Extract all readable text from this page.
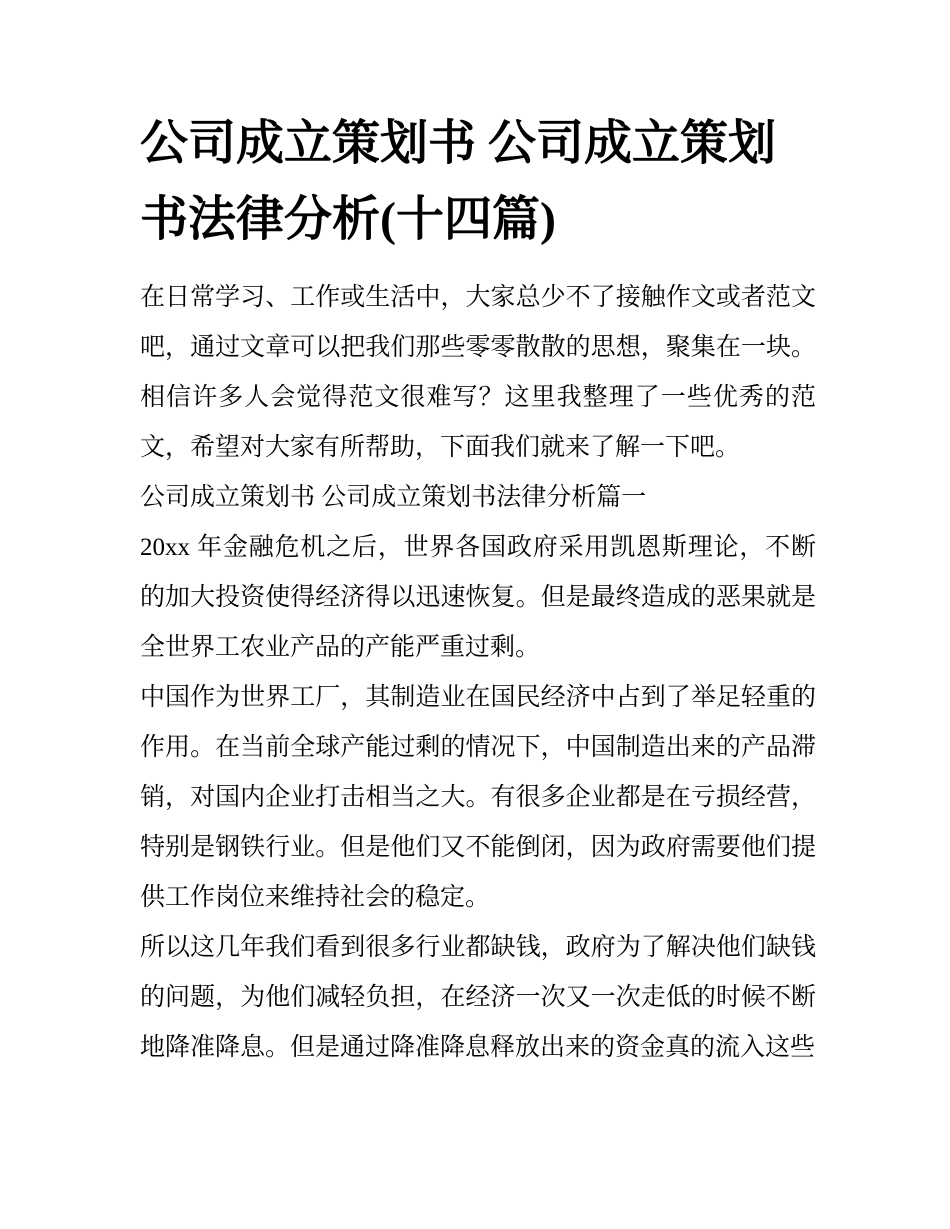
公司成立策划书 公司成立策划书法律分析(十四篇)

在日常学习、工作或生活中，大家总少不了接触作文或者范文吧，通过文章可以把我们那些零零散散的思想，聚集在一块。相信许多人会觉得范文很难写？这里我整理了一些优秀的范文，希望对大家有所帮助，下面我们就来了解一下吧。

公司成立策划书 公司成立策划书法律分析篇一

20xx 年金融危机之后，世界各国政府采用凯恩斯理论，不断的加大投资使得经济得以迅速恢复。但是最终造成的恶果就是全世界工农业产品的产能严重过剩。

中国作为世界工厂，其制造业在国民经济中占到了举足轻重的作用。在当前全球产能过剩的情况下，中国制造出来的产品滞销，对国内企业打击相当之大。有很多企业都是在亏损经营，特别是钢铁行业。但是他们又不能倒闭，因为政府需要他们提供工作岗位来维持社会的稳定。

所以这几年我们看到很多行业都缺钱，政府为了解决他们缺钱的问题，为他们减轻负担，在经济一次又一次走低的时候不断地降准降息。但是通过降准降息释放出来的资金真的流入这些
